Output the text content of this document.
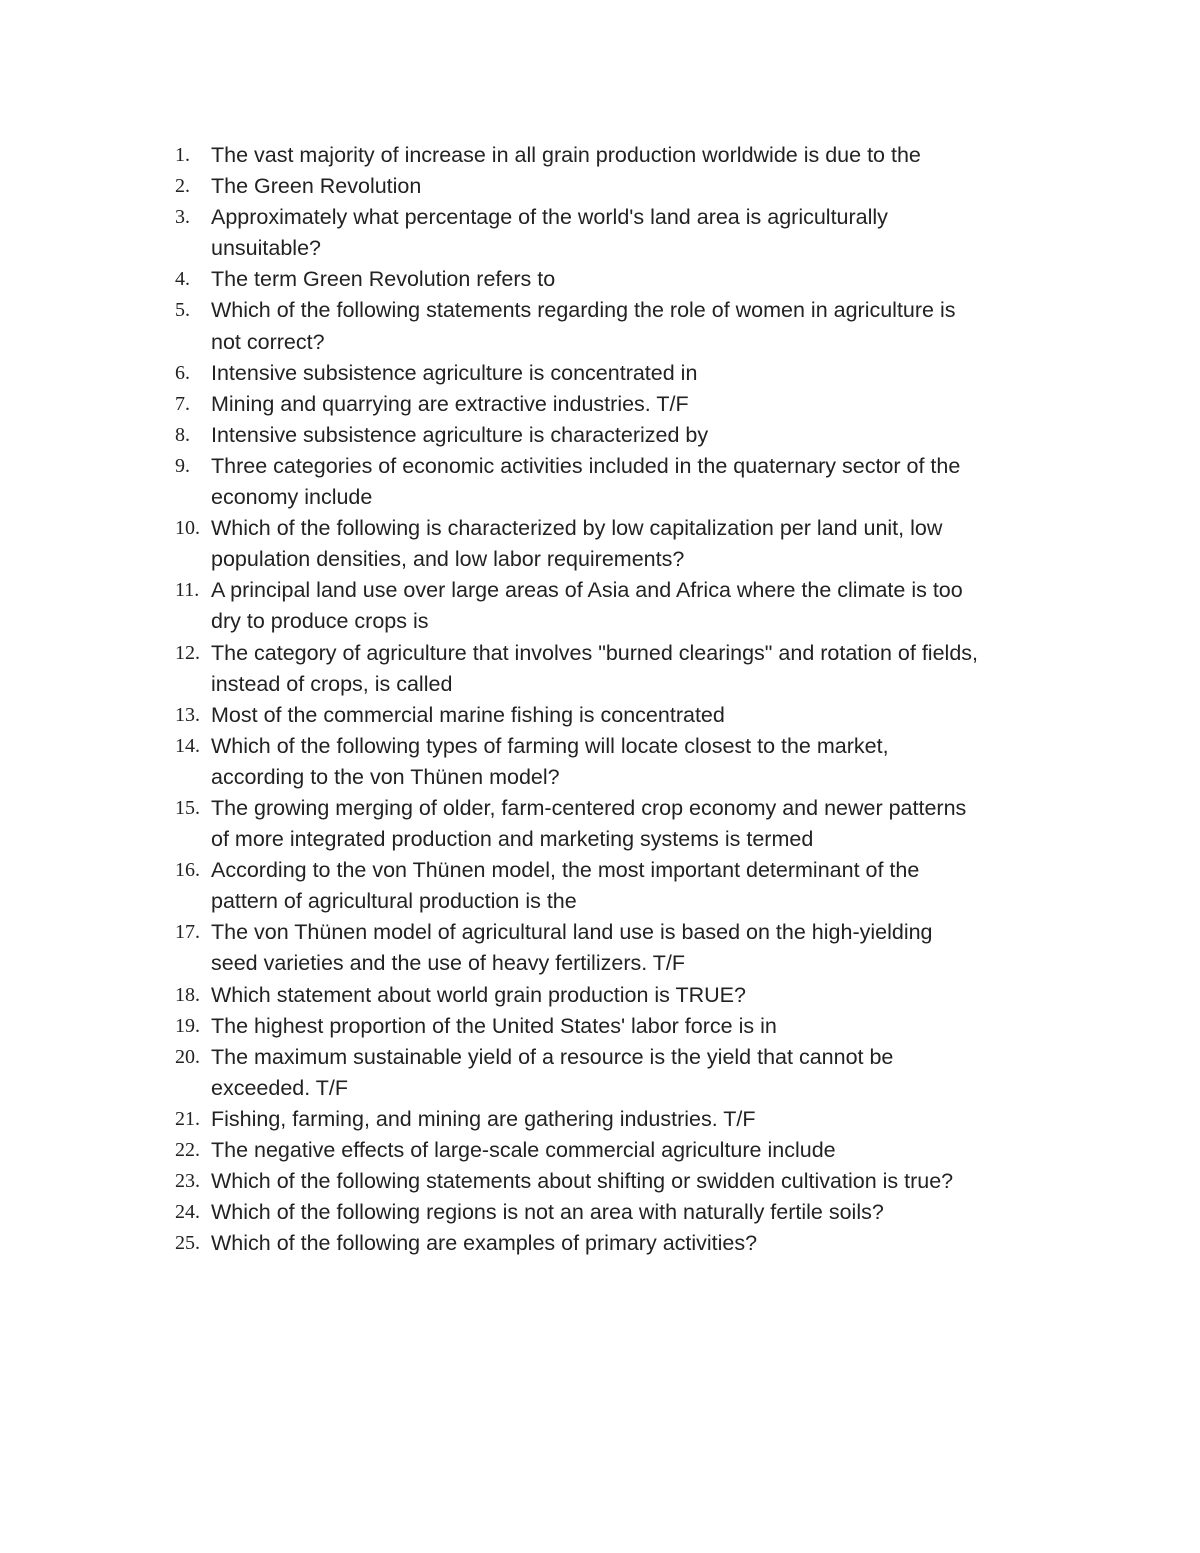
1. The vast majority of increase in all grain production worldwide is due to the
2. The Green Revolution
3. Approximately what percentage of the world's land area is agriculturally
unsuitable?
4. The term Green Revolution refers to
5. Which of the following statements regarding the role of women in agriculture is
not correct?
6. Intensive subsistence agriculture is concentrated in
7. Mining and quarrying are extractive industries. T/F
8. Intensive subsistence agriculture is characterized by
9. Three categories of economic activities included in the quaternary sector of the
economy include
10. Which of the following is characterized by low capitalization per land unit, low
population densities, and low labor requirements?
11. A principal land use over large areas of Asia and Africa where the climate is too
dry to produce crops is
12. The category of agriculture that involves "burned clearings" and rotation of fields,
instead of crops, is called
13. Most of the commercial marine fishing is concentrated
14. Which of the following types of farming will locate closest to the market,
according to the von Thünen model?
15. The growing merging of older, farm-centered crop economy and newer patterns
of more integrated production and marketing systems is termed
16. According to the von Thünen model, the most important determinant of the
pattern of agricultural production is the
17. The von Thünen model of agricultural land use is based on the high-yielding
seed varieties and the use of heavy fertilizers. T/F
18. Which statement about world grain production is TRUE?
19. The highest proportion of the United States' labor force is in
20. The maximum sustainable yield of a resource is the yield that cannot be
exceeded. T/F
21. Fishing, farming, and mining are gathering industries. T/F
22. The negative effects of large-scale commercial agriculture include
23. Which of the following statements about shifting or swidden cultivation is true?
24. Which of the following regions is not an area with naturally fertile soils?
25. Which of the following are examples of primary activities?
